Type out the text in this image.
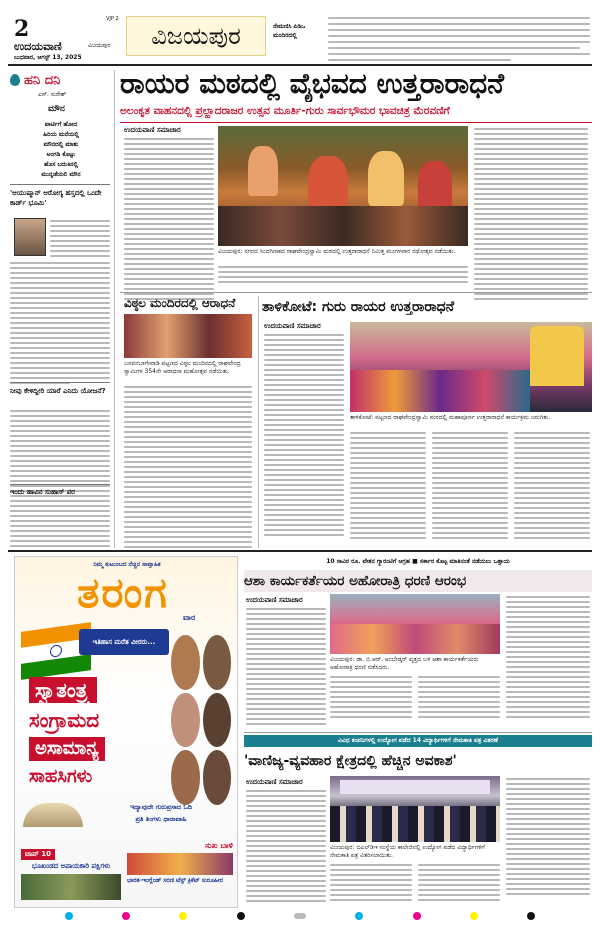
2	VJP 2
ಉದಯವಾಣಿ	ವಿಜಯಪುರ
ಬುಧವಾರ, ಆಗಸ್ಟ್ 13, 2025
ವಿಜಯಪುರ	ನೇಮಣಿಸಿ ಪಿಡಿಒ ಮಂದಿರದಲ್ಲಿ
ಹನಿ ದನಿ
ಎಸ್. ಸುರೇಶ್
ಮೌನ
ಪಾರ್ಟಿಗೆ ಹೋದ
ಹಿರಿಯ ಮನೆಯಲ್ಲಿ
ಮೌನದಲ್ಲಿ ಮಾತು
ಅಂಗಡಿ ಕೊಟ್ಟು
ಹೊಸ ಬದುಕಿನಲ್ಲಿ
ಮುನ್ನಡೆಯಲಿ ಮೌನ
'ಆಯುಷ್ಮಾನ್ ಆರೋಗ್ಯ ಹಸ್ತದಲ್ಲಿ ಒಂದೇ ಕಾರ್ಡ್ ಭೂಮಿ'
ನೀವು ಕೇಳಿದ್ದೀರಿ ಯಾರೆ ಎನಿದು ಯೋಜನೆ?
ಇಂದು ಹಾವಿನ ಸುಹಾಸ್ ಪರ
ರಾಯರ ಮಠದಲ್ಲಿ ವೈಭವದ ಉತ್ತರಾರಾಧನೆ
ಅಲಂಕೃತ ವಾಹನದಲ್ಲಿ ಪ್ರಲ್ಹಾದರಾಜರ ಉತ್ಸವ ಮೂರ್ತಿ-ಗುರು ಸಾರ್ವಭೌಮರ ಭಾವಚಿತ್ರ ಮೆರವಣಿಗೆ
ಉದಯವಾಣಿ ಸಮಾಚಾರ
ವಿಜಯಪುರ: ನಗರದ ಸಿಂದಗಿನಾಕದ ರಾಘವೇಂದ್ರಸ್ವಾಮಿ ಮಠದಲ್ಲಿ ಉತ್ತರಾರಾಧನೆ ನಿಮಿತ್ತ ಮಂಗಳವಾರ ರಥೋತ್ಸವ ನಡೆಯಿತು.
ವಿಠ್ಠಲ ಮಂದಿರದಲ್ಲಿ ಆರಾಧನೆ
ಬಸವನಬಾಗೇವಾಡಿ ಪಟ್ಟಣದ ವಿಠ್ಠಲ ಮಂದಿರದಲ್ಲಿ ರಾಘವೇಂದ್ರ ಸ್ವಾಮಿಗಳ 354ನೇ ಆರಾಧನಾ ಮಹೋತ್ಸವ ನಡೆಯಿತು.
ತಾಳಿಕೋಟೆ: ಗುರು ರಾಯರ ಉತ್ತರಾರಾಧನೆ
ಉದಯವಾಣಿ ಸಮಾಚಾರ
ತಾಳಿಕೋಟೆ: ಪಟ್ಟಣದ ರಾಘವೇಂದ್ರಸ್ವಾಮಿ ಮಠದಲ್ಲಿ ಮಹಾಪೂರ್ಣ ಉತ್ತರಾರಾಧನೆ ಕಾರ್ಯಕ್ರಮ ಜರುಗಿತು.
ನಿಮ್ಮ ಕುಟುಂಬದ ನೆಚ್ಚಿನ ಸಾಪ್ತಾಹಿಕ
ತರಂಗ
ವಾರ
ಇತಿಹಾಸ ಮರೆತ ವೀರರು...
ಸ್ವಾತಂತ್ರ್ಯ
ಸಂಗ್ರಾಮದ
ಅಸಾಮಾನ್ಯ
ಸಾಹಸಿಗಳು
ಇದ್ಯಾವುದೇ ಗುರುಪ್ರಸಾದ ಓದಿ
ಪ್ರತಿ ತಿಂಗಳು ಧಾರಾವಾಹಿ
ಟಾಪ್ 10
ಭೂಖಂಡದ ಅಪಾಯಕಾರಿ ಪಕ್ಷಿಗಳು
ಸುಖ ಬಾಳಿ
ಭಾರತ-ಇಂಗ್ಲೆಂಡ್ ಸರಣಿ ಟೆಸ್ಟ್ ಕ್ರಿಕೆಟ್ ಸುರೂಹೀರ
10 ಸಾವಿರ ರೂ. ವೇತನ ಗ್ಯಾರಂಟಿಗೆ ಆಗ್ರಹ ■ ಸರ್ಕಾರ ಕೊಟ್ಟ ಮಾತಿನಂತೆ ನಡೆಯಲು ಒತ್ತಾಯ
ಆಶಾ ಕಾರ್ಯಕರ್ತೆಯರ ಅಹೋರಾತ್ರಿ ಧರಣಿ ಆರಂಭ
ಉದಯವಾಣಿ ಸಮಾಚಾರ
ವಿಜಯಪುರ: ಡಾ. ಬಿ.ಆರ್. ಅಂಬೇಡ್ಕರ್ ವೃತ್ತದ ಬಳಿ ಆಶಾ ಕಾರ್ಯಕರ್ತೆಯರು ಅಹೋರಾತ್ರಿ ಧರಣಿ ನಡೆಸಿದರು.
ವಿವಿಧ ಕಂಪನಿಗಳಲ್ಲಿ ಉದ್ಯೋಗ ಪಡೆದ 14 ವಿದ್ಯಾರ್ಥಿಗಳಿಗೆ ನೇಮಕಾತಿ ಪತ್ರ ವಿತರಣೆ
'ವಾಣಿಜ್ಯ-ವ್ಯವಹಾರ ಕ್ಷೇತ್ರದಲ್ಲಿ ಹೆಚ್ಚಿನ ಅವಕಾಶ'
ಉದಯವಾಣಿ ಸಮಾಚಾರ
ವಿಜಯಪುರ: ಬಿಎಲ್‌ಡಿಇ ಸಂಸ್ಥೆಯ ಕಾಲೇಜಿನಲ್ಲಿ ಉದ್ಯೋಗ ಪಡೆದ ವಿದ್ಯಾರ್ಥಿಗಳಿಗೆ ನೇಮಕಾತಿ ಪತ್ರ ವಿತರಿಸಲಾಯಿತು.
